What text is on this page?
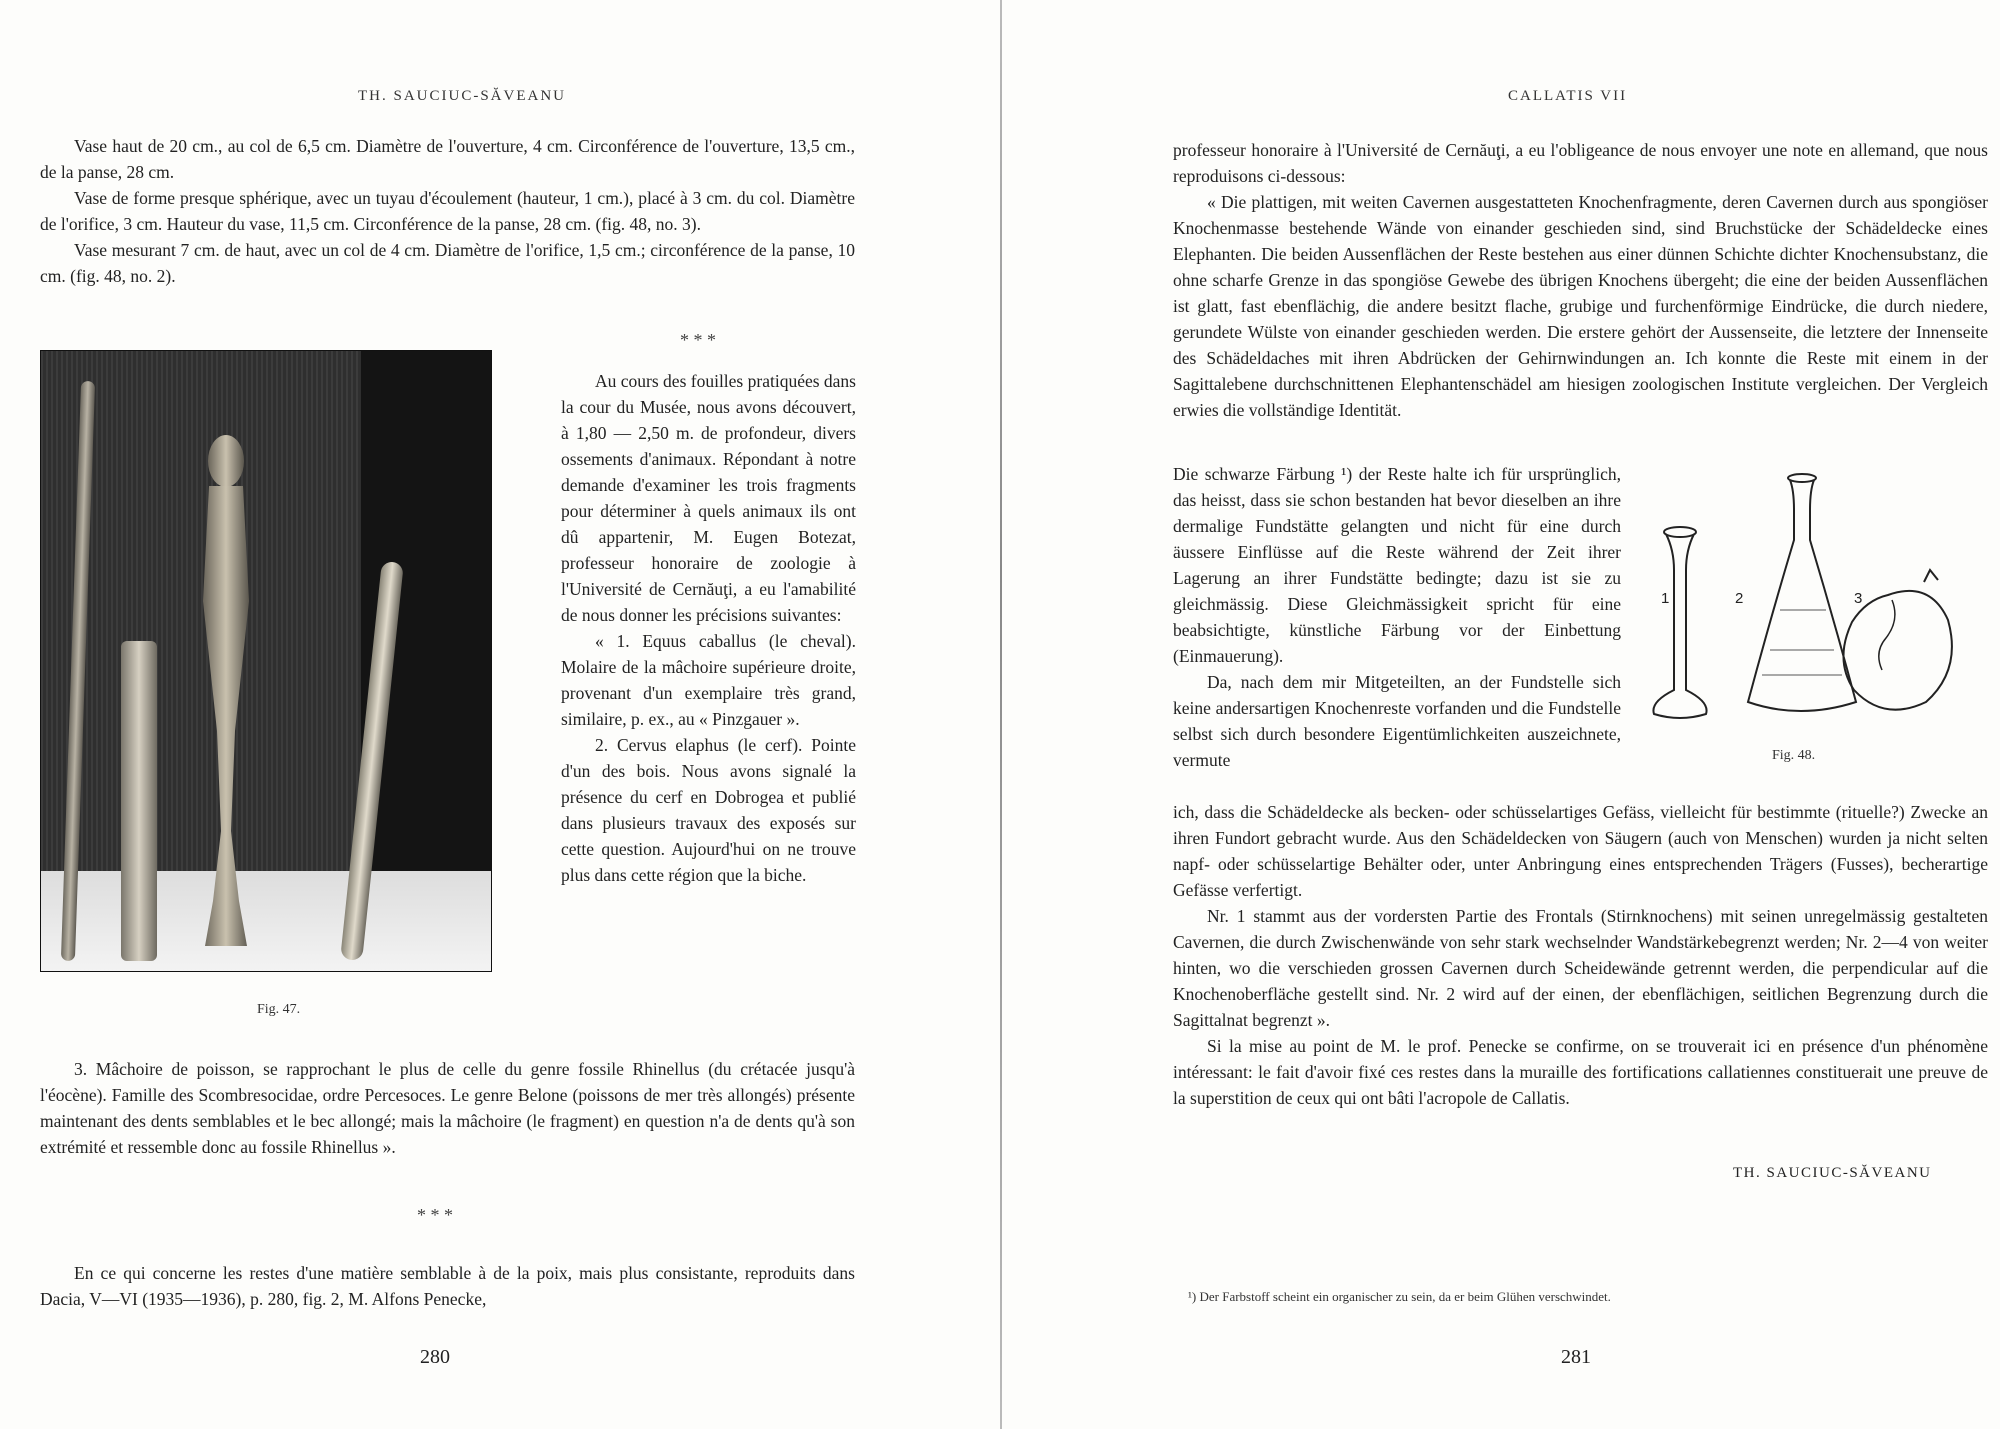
TH. SAUCIUC-SĂVEANU

Vase haut de 20 cm., au col de 6,5 cm. Diamètre de l'ouverture, 4 cm. Circonférence de l'ouverture, 13,5 cm., de la panse, 28 cm.

Vase de forme presque sphérique, avec un tuyau d'écoulement (hauteur, 1 cm.), placé à 3 cm. du col. Diamètre de l'orifice, 3 cm. Hauteur du vase, 11,5 cm. Circonférence de la panse, 28 cm. (fig. 48, no. 3).

Vase mesurant 7 cm. de haut, avec un col de 4 cm. Diamètre de l'orifice, 1,5 cm.; circonférence de la panse, 10 cm. (fig. 48, no. 2).

* * *

Au cours des fouilles pratiquées dans la cour du Musée, nous avons découvert, à 1,80 — 2,50 m. de profondeur, divers ossements d'animaux. Répondant à notre demande d'examiner les trois fragments pour déterminer à quels animaux ils ont dû appartenir, M. Eugen Botezat, professeur honoraire de zoologie à l'Université de Cernăuţi, a eu l'amabilité de nous donner les précisions suivantes:

« 1. Equus caballus (le cheval). Molaire de la mâchoire supérieure droite, provenant d'un exemplaire très grand, similaire, p. ex., au « Pinzgauer ».

2. Cervus elaphus (le cerf). Pointe d'un des bois. Nous avons signalé la présence du cerf en Dobrogea et publié dans plusieurs travaux des exposés sur cette question. Aujourd'hui on ne trouve plus dans cette région que la biche.

Fig. 47.

3. Mâchoire de poisson, se rapprochant le plus de celle du genre fossile Rhinellus (du crétacée jusqu'à l'éocène). Famille des Scombresocidae, ordre Percesoces. Le genre Belone (poissons de mer très allongés) présente maintenant des dents semblables et le bec allongé; mais la mâchoire (le fragment) en question n'a de dents qu'à son extrémité et ressemble donc au fossile Rhinellus ».

* * *

En ce qui concerne les restes d'une matière semblable à de la poix, mais plus consistante, reproduits dans Dacia, V—VI (1935—1936), p. 280, fig. 2, M. Alfons Penecke,

280
CALLATIS VII

professeur honoraire à l'Université de Cernăuţi, a eu l'obligeance de nous envoyer une note en allemand, que nous reproduisons ci-dessous:

« Die plattigen, mit weiten Cavernen ausgestatteten Knochenfragmente, deren Cavernen durch aus spongiöser Knochenmasse bestehende Wände von einander geschieden sind, sind Bruchstücke der Schädeldecke eines Elephanten. Die beiden Aussenflächen der Reste bestehen aus einer dünnen Schichte dichter Knochensubstanz, die ohne scharfe Grenze in das spongiöse Gewebe des übrigen Knochens übergeht; die eine der beiden Aussenflächen ist glatt, fast ebenflächig, die andere besitzt flache, grubige und furchenförmige Eindrücke, die durch niedere, gerundete Wülste von einander geschieden werden. Die erstere gehört der Aussenseite, die letztere der Innenseite des Schädeldaches mit ihren Abdrücken der Gehirnwindungen an. Ich konnte die Reste mit einem in der Sagittalebene durchschnittenen Elephantenschädel am hiesigen zoologischen Institute vergleichen. Der Vergleich erwies die vollständige Identität.

Die schwarze Färbung ¹) der Reste halte ich für ursprünglich, das heisst, dass sie schon bestanden hat bevor dieselben an ihre dermalige Fundstätte gelangten und nicht für eine durch äussere Einflüsse auf die Reste während der Zeit ihrer Lagerung an ihrer Fundstätte bedingte; dazu ist sie zu gleichmässig. Diese Gleichmässigkeit spricht für eine beabsichtigte, künstliche Färbung vor der Einbettung (Einmauerung).

Da, nach dem mir Mitgeteilten, an der Fundstelle sich keine andersartigen Knochenreste vorfanden und die Fundstelle selbst sich durch besondere Eigentümlichkeiten auszeichnete, vermute

1	2	3
Fig. 48.

ich, dass die Schädeldecke als becken- oder schüsselartiges Gefäss, vielleicht für bestimmte (rituelle?) Zwecke an ihren Fundort gebracht wurde. Aus den Schädeldecken von Säugern (auch von Menschen) wurden ja nicht selten napf- oder schüsselartige Behälter oder, unter Anbringung eines entsprechenden Trägers (Fusses), becherartige Gefässe verfertigt.

Nr. 1 stammt aus der vordersten Partie des Frontals (Stirnknochens) mit seinen unregelmässig gestalteten Cavernen, die durch Zwischenwände von sehr stark wechselnder Wandstärkebegrenzt werden; Nr. 2—4 von weiter hinten, wo die verschieden grossen Cavernen durch Scheidewände getrennt werden, die perpendicular auf die Knochenoberfläche gestellt sind. Nr. 2 wird auf der einen, der ebenflächigen, seitlichen Begrenzung durch die Sagittalnat begrenzt ».

Si la mise au point de M. le prof. Penecke se confirme, on se trouverait ici en présence d'un phénomène intéressant: le fait d'avoir fixé ces restes dans la muraille des fortifications callatiennes constituerait une preuve de la superstition de ceux qui ont bâti l'acropole de Callatis.

TH. SAUCIUC-SĂVEANU
¹) Der Farbstoff scheint ein organischer zu sein, da er beim Glühen verschwindet.
281
